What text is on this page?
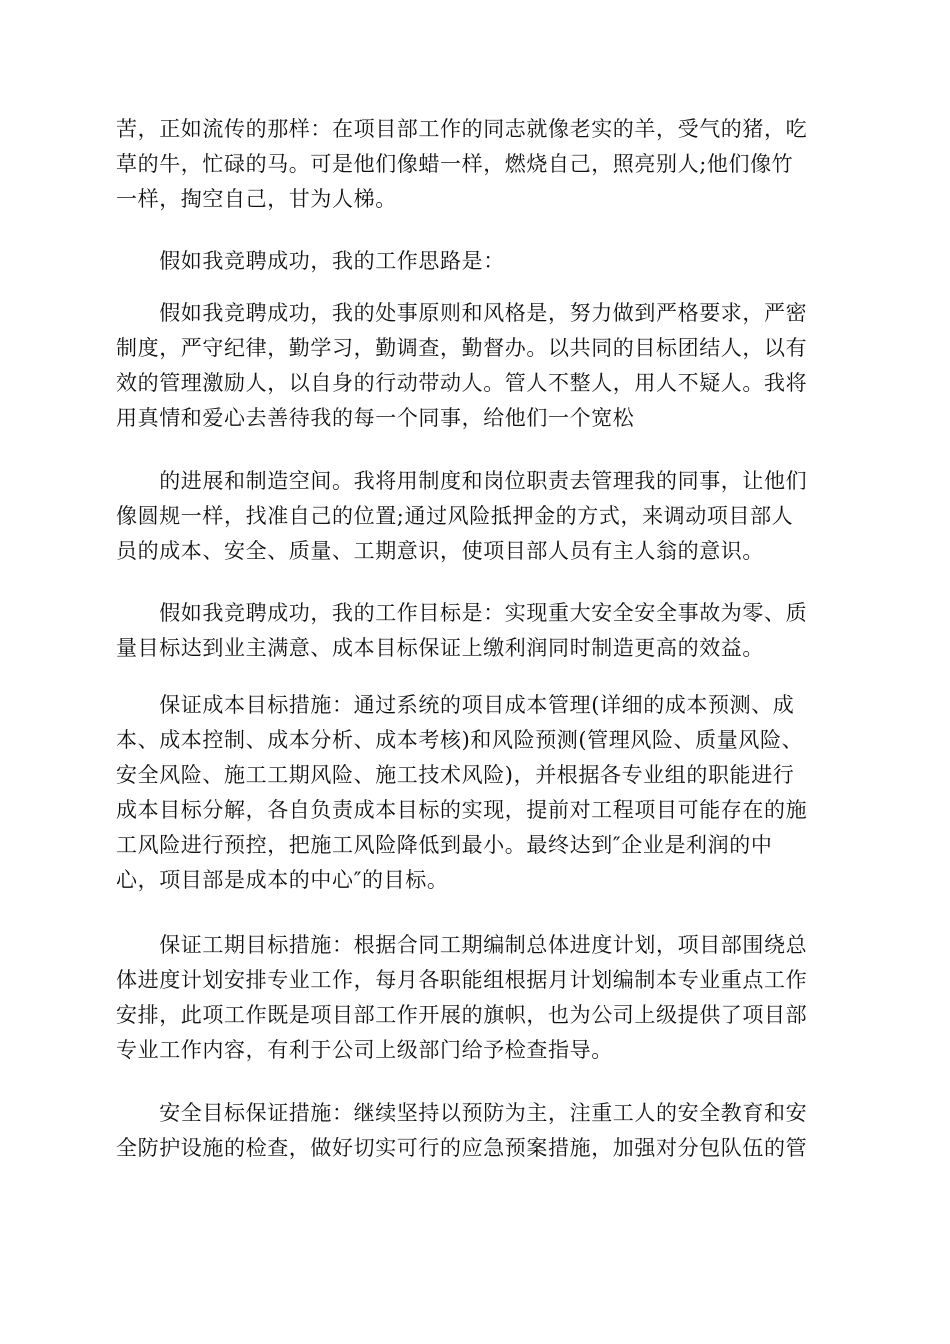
苦，正如流传的那样：在项目部工作的同志就像老实的羊，受气的猪，吃
草的牛，忙碌的马。可是他们像蜡一样，燃烧自己，照亮别人;他们像竹
一样，掏空自己，甘为人梯。

　　假如我竞聘成功，我的工作思路是：

　　假如我竞聘成功，我的处事原则和风格是，努力做到严格要求，严密
制度，严守纪律，勤学习，勤调查，勤督办。以共同的目标团结人，以有
效的管理激励人，以自身的行动带动人。管人不整人，用人不疑人。我将
用真情和爱心去善待我的每一个同事，给他们一个宽松

　　的进展和制造空间。我将用制度和岗位职责去管理我的同事，让他们
像圆规一样，找准自己的位置;通过风险抵押金的方式，来调动项目部人
员的成本、安全、质量、工期意识，使项目部人员有主人翁的意识。

　　假如我竞聘成功，我的工作目标是：实现重大安全安全事故为零、质
量目标达到业主满意、成本目标保证上缴利润同时制造更高的效益。

　　保证成本目标措施：通过系统的项目成本管理(详细的成本预测、成
本、成本控制、成本分析、成本考核)和风险预测(管理风险、质量风险、
安全风险、施工工期风险、施工技术风险)，并根据各专业组的职能进行
成本目标分解，各自负责成本目标的实现，提前对工程项目可能存在的施
工风险进行预控，把施工风险降低到最小。最终达到″企业是利润的中
心，项目部是成本的中心″的目标。

　　保证工期目标措施：根据合同工期编制总体进度计划，项目部围绕总
体进度计划安排专业工作，每月各职能组根据月计划编制本专业重点工作
安排，此项工作既是项目部工作开展的旗帜，也为公司上级提供了项目部
专业工作内容，有利于公司上级部门给予检查指导。

　　安全目标保证措施：继续坚持以预防为主，注重工人的安全教育和安
全防护设施的检查，做好切实可行的应急预案措施，加强对分包队伍的管
